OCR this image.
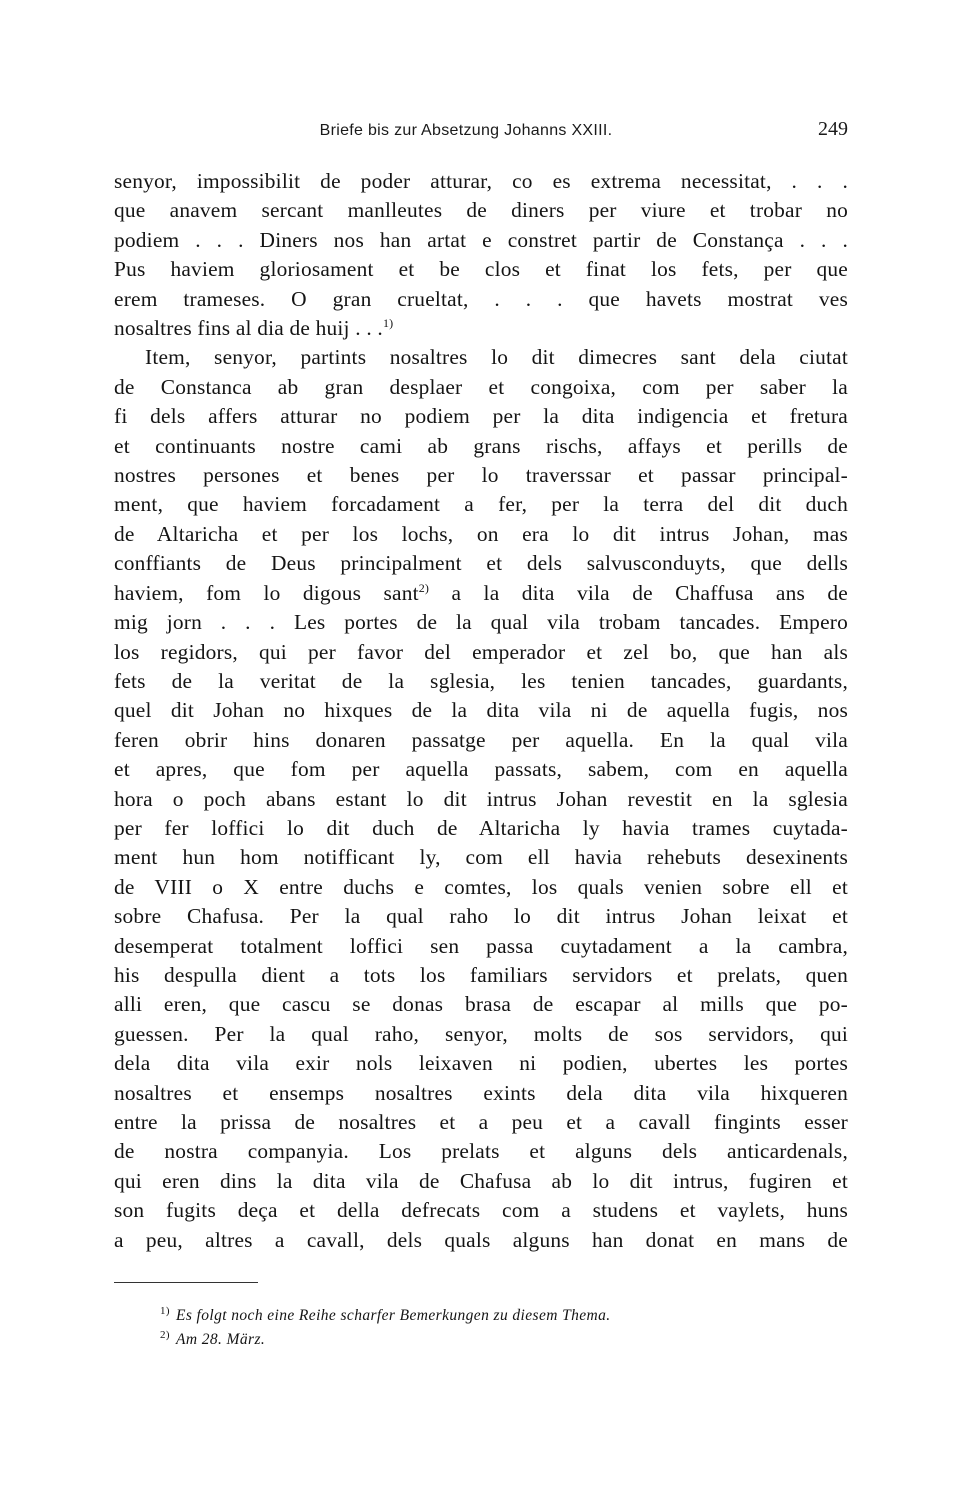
Briefe bis zur Absetzung Johanns XXIII.	249
senyor, impossibilit de poder atturar, co es extrema necessitat, . . .
que anavem sercant manlleutes de diners per viure et trobar no
podiem . . . Diners nos han artat e constret partir de Constança . . .
Pus haviem gloriosament et be clos et finat los fets, per que
erem trameses. O gran crueltat, . . . que havets mostrat ves
nosaltres fins al dia de huij . . .$^{1)}$
Item, senyor, partints nosaltres lo dit dimecres sant dela ciutat
de Constanca ab gran desplaer et congoixa, com per saber la
fi dels affers atturar no podiem per la dita indigencia et fretura
et continuants nostre cami ab grans rischs, affays et perills de
nostres persones et benes per lo traverssar et passar principal-
ment, que haviem forcadament a fer, per la terra del dit duch
de Altaricha et per los lochs, on era lo dit intrus Johan, mas
conffiants de Deus principalment et dels salvusconduyts, que dells
haviem, fom lo digous sant$^{2)}$ a la dita vila de Chaffusa ans de
mig jorn . . . Les portes de la qual vila trobam tancades. Empero
los regidors, qui per favor del emperador et zel bo, que han als
fets de la veritat de la sglesia, les tenien tancades, guardants,
quel dit Johan no hixques de la dita vila ni de aquella fugis, nos
feren obrir hins donaren passatge per aquella. En la qual vila
et apres, que fom per aquella passats, sabem, com en aquella
hora o poch abans estant lo dit intrus Johan revestit en la sglesia
per fer loffici lo dit duch de Altaricha ly havia trames cuytada-
ment hun hom notifficant ly, com ell havia rehebuts desexinents
de VIII o X entre duchs e comtes, los quals venien sobre ell et
sobre Chafusa. Per la qual raho lo dit intrus Johan leixat et
desemperat totalment loffici sen passa cuytadament a la cambra,
his despulla dient a tots los familiars servidors et prelats, quen
alli eren, que cascu se donas brasa de escapar al mills que po-
guessen. Per la qual raho, senyor, molts de sos servidors, qui
dela dita vila exir nols leixaven ni podien, ubertes les portes
nosaltres et ensemps nosaltres exints dela dita vila hixqueren
entre la prissa de nosaltres et a peu et a cavall fingints esser
de nostra companyia. Los prelats et alguns dels anticardenals,
qui eren dins la dita vila de Chafusa ab lo dit intrus, fugiren et
son fugits deça et della defrecats com a studens et vaylets, huns
a peu, altres a cavall, dels quals alguns han donat en mans de
$^{1)}$ Es folgt noch eine Reihe scharfer Bemerkungen zu diesem Thema.
$^{2)}$ Am 28. März.
